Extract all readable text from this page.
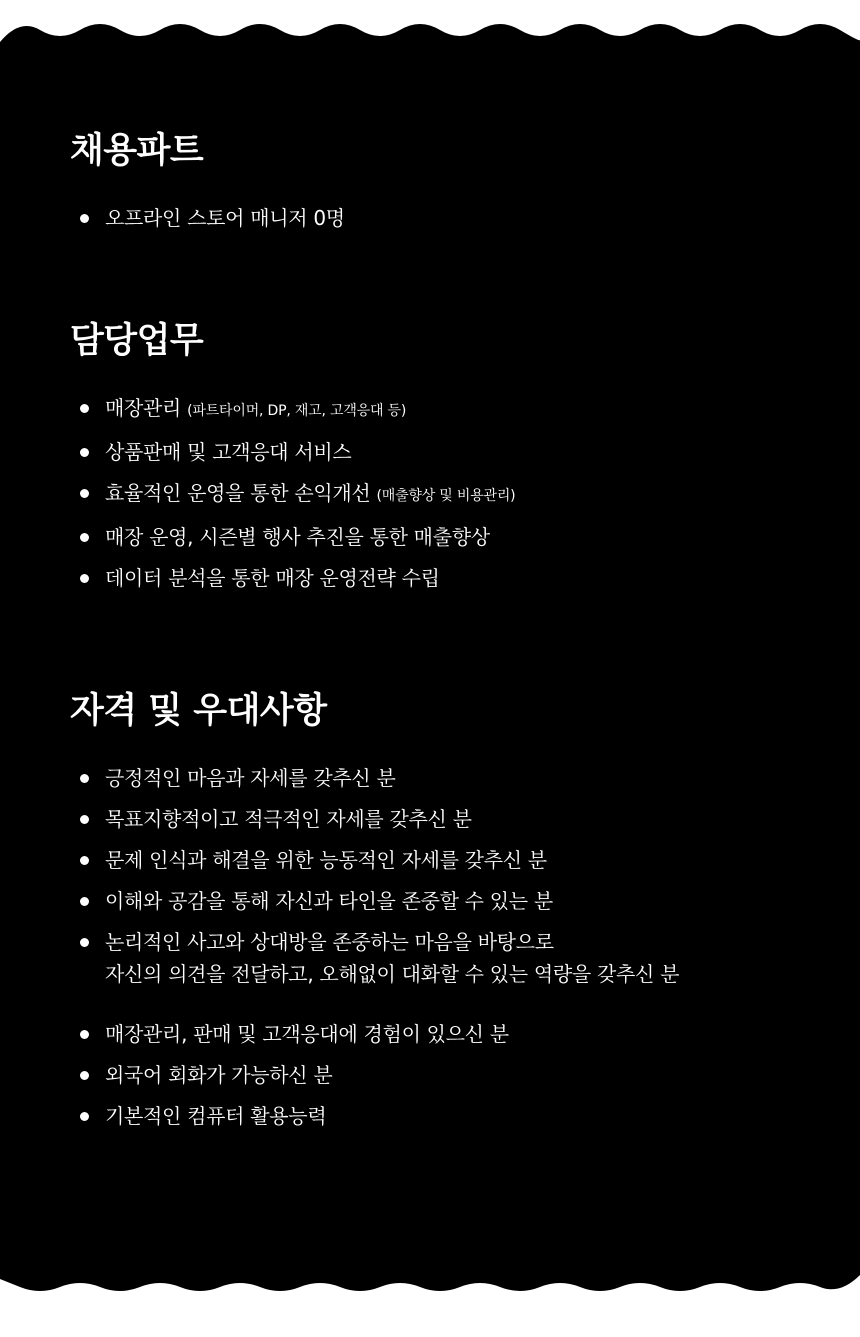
채용파트
오프라인 스토어 매니저 0명
담당업무
매장관리 (파트타이머, DP, 재고, 고객응대 등)
상품판매 및 고객응대 서비스
효율적인 운영을 통한 손익개선 (매출향상 및 비용관리)
매장 운영, 시즌별 행사 추진을 통한 매출향상
데이터 분석을 통한 매장 운영전략 수립
자격 및 우대사항
긍정적인 마음과 자세를 갖추신 분
목표지향적이고 적극적인 자세를 갖추신 분
문제 인식과 해결을 위한 능동적인 자세를 갖추신 분
이해와 공감을 통해 자신과 타인을 존중할 수 있는 분
논리적인 사고와 상대방을 존중하는 마음을 바탕으로
자신의 의견을 전달하고, 오해없이 대화할 수 있는 역량을 갖추신 분
매장관리, 판매 및 고객응대에 경험이 있으신 분
외국어 회화가 가능하신 분
기본적인 컴퓨터 활용능력
